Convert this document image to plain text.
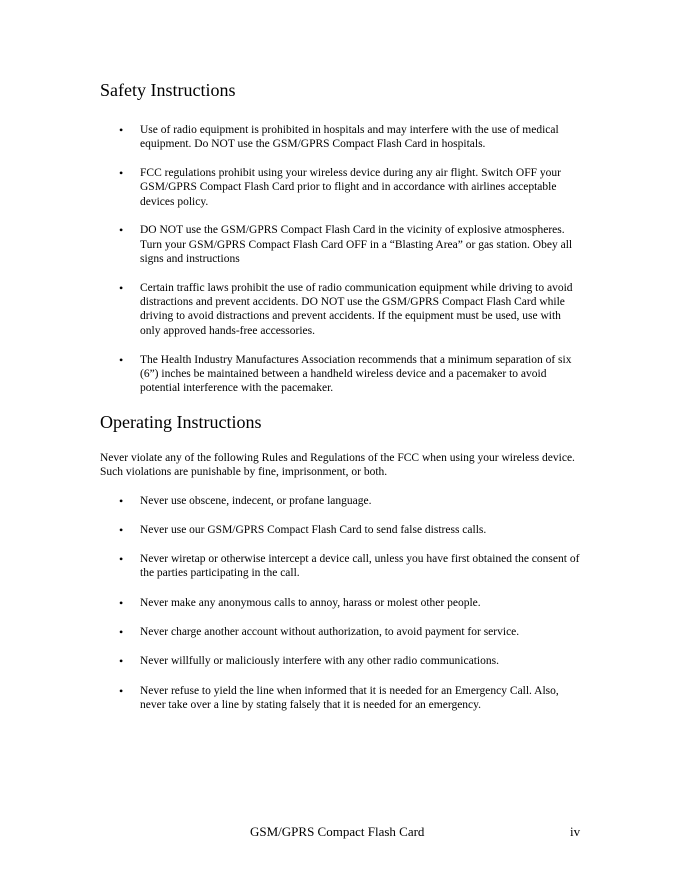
Safety Instructions
• Use of radio equipment is prohibited in hospitals and may interfere with the use of medical equipment. Do NOT use the GSM/GPRS Compact Flash Card in hospitals.
• FCC regulations prohibit using your wireless device during any air flight. Switch OFF your GSM/GPRS Compact Flash Card prior to flight and in accordance with airlines acceptable devices policy.
• DO NOT use the GSM/GPRS Compact Flash Card in the vicinity of explosive atmospheres. Turn your GSM/GPRS Compact Flash Card OFF in a “Blasting Area” or gas station. Obey all signs and instructions
• Certain traffic laws prohibit the use of radio communication equipment while driving to avoid distractions and prevent accidents. DO NOT use the GSM/GPRS Compact Flash Card while driving to avoid distractions and prevent accidents. If the equipment must be used, use with only approved hands-free accessories.
• The Health Industry Manufactures Association recommends that a minimum separation of six (6”) inches be maintained between a handheld wireless device and a pacemaker to avoid potential interference with the pacemaker.
Operating Instructions

Never violate any of the following Rules and Regulations of the FCC when using your wireless device. Such violations are punishable by fine, imprisonment, or both.

• Never use obscene, indecent, or profane language.
• Never use our GSM/GPRS Compact Flash Card to send false distress calls.
• Never wiretap or otherwise intercept a device call, unless you have first obtained the consent of the parties participating in the call.
• Never make any anonymous calls to annoy, harass or molest other people.
• Never charge another account without authorization, to avoid payment for service.
• Never willfully or maliciously interfere with any other radio communications.
• Never refuse to yield the line when informed that it is needed for an Emergency Call. Also, never take over a line by stating falsely that it is needed for an emergency.
GSM/GPRS Compact Flash Card	iv
